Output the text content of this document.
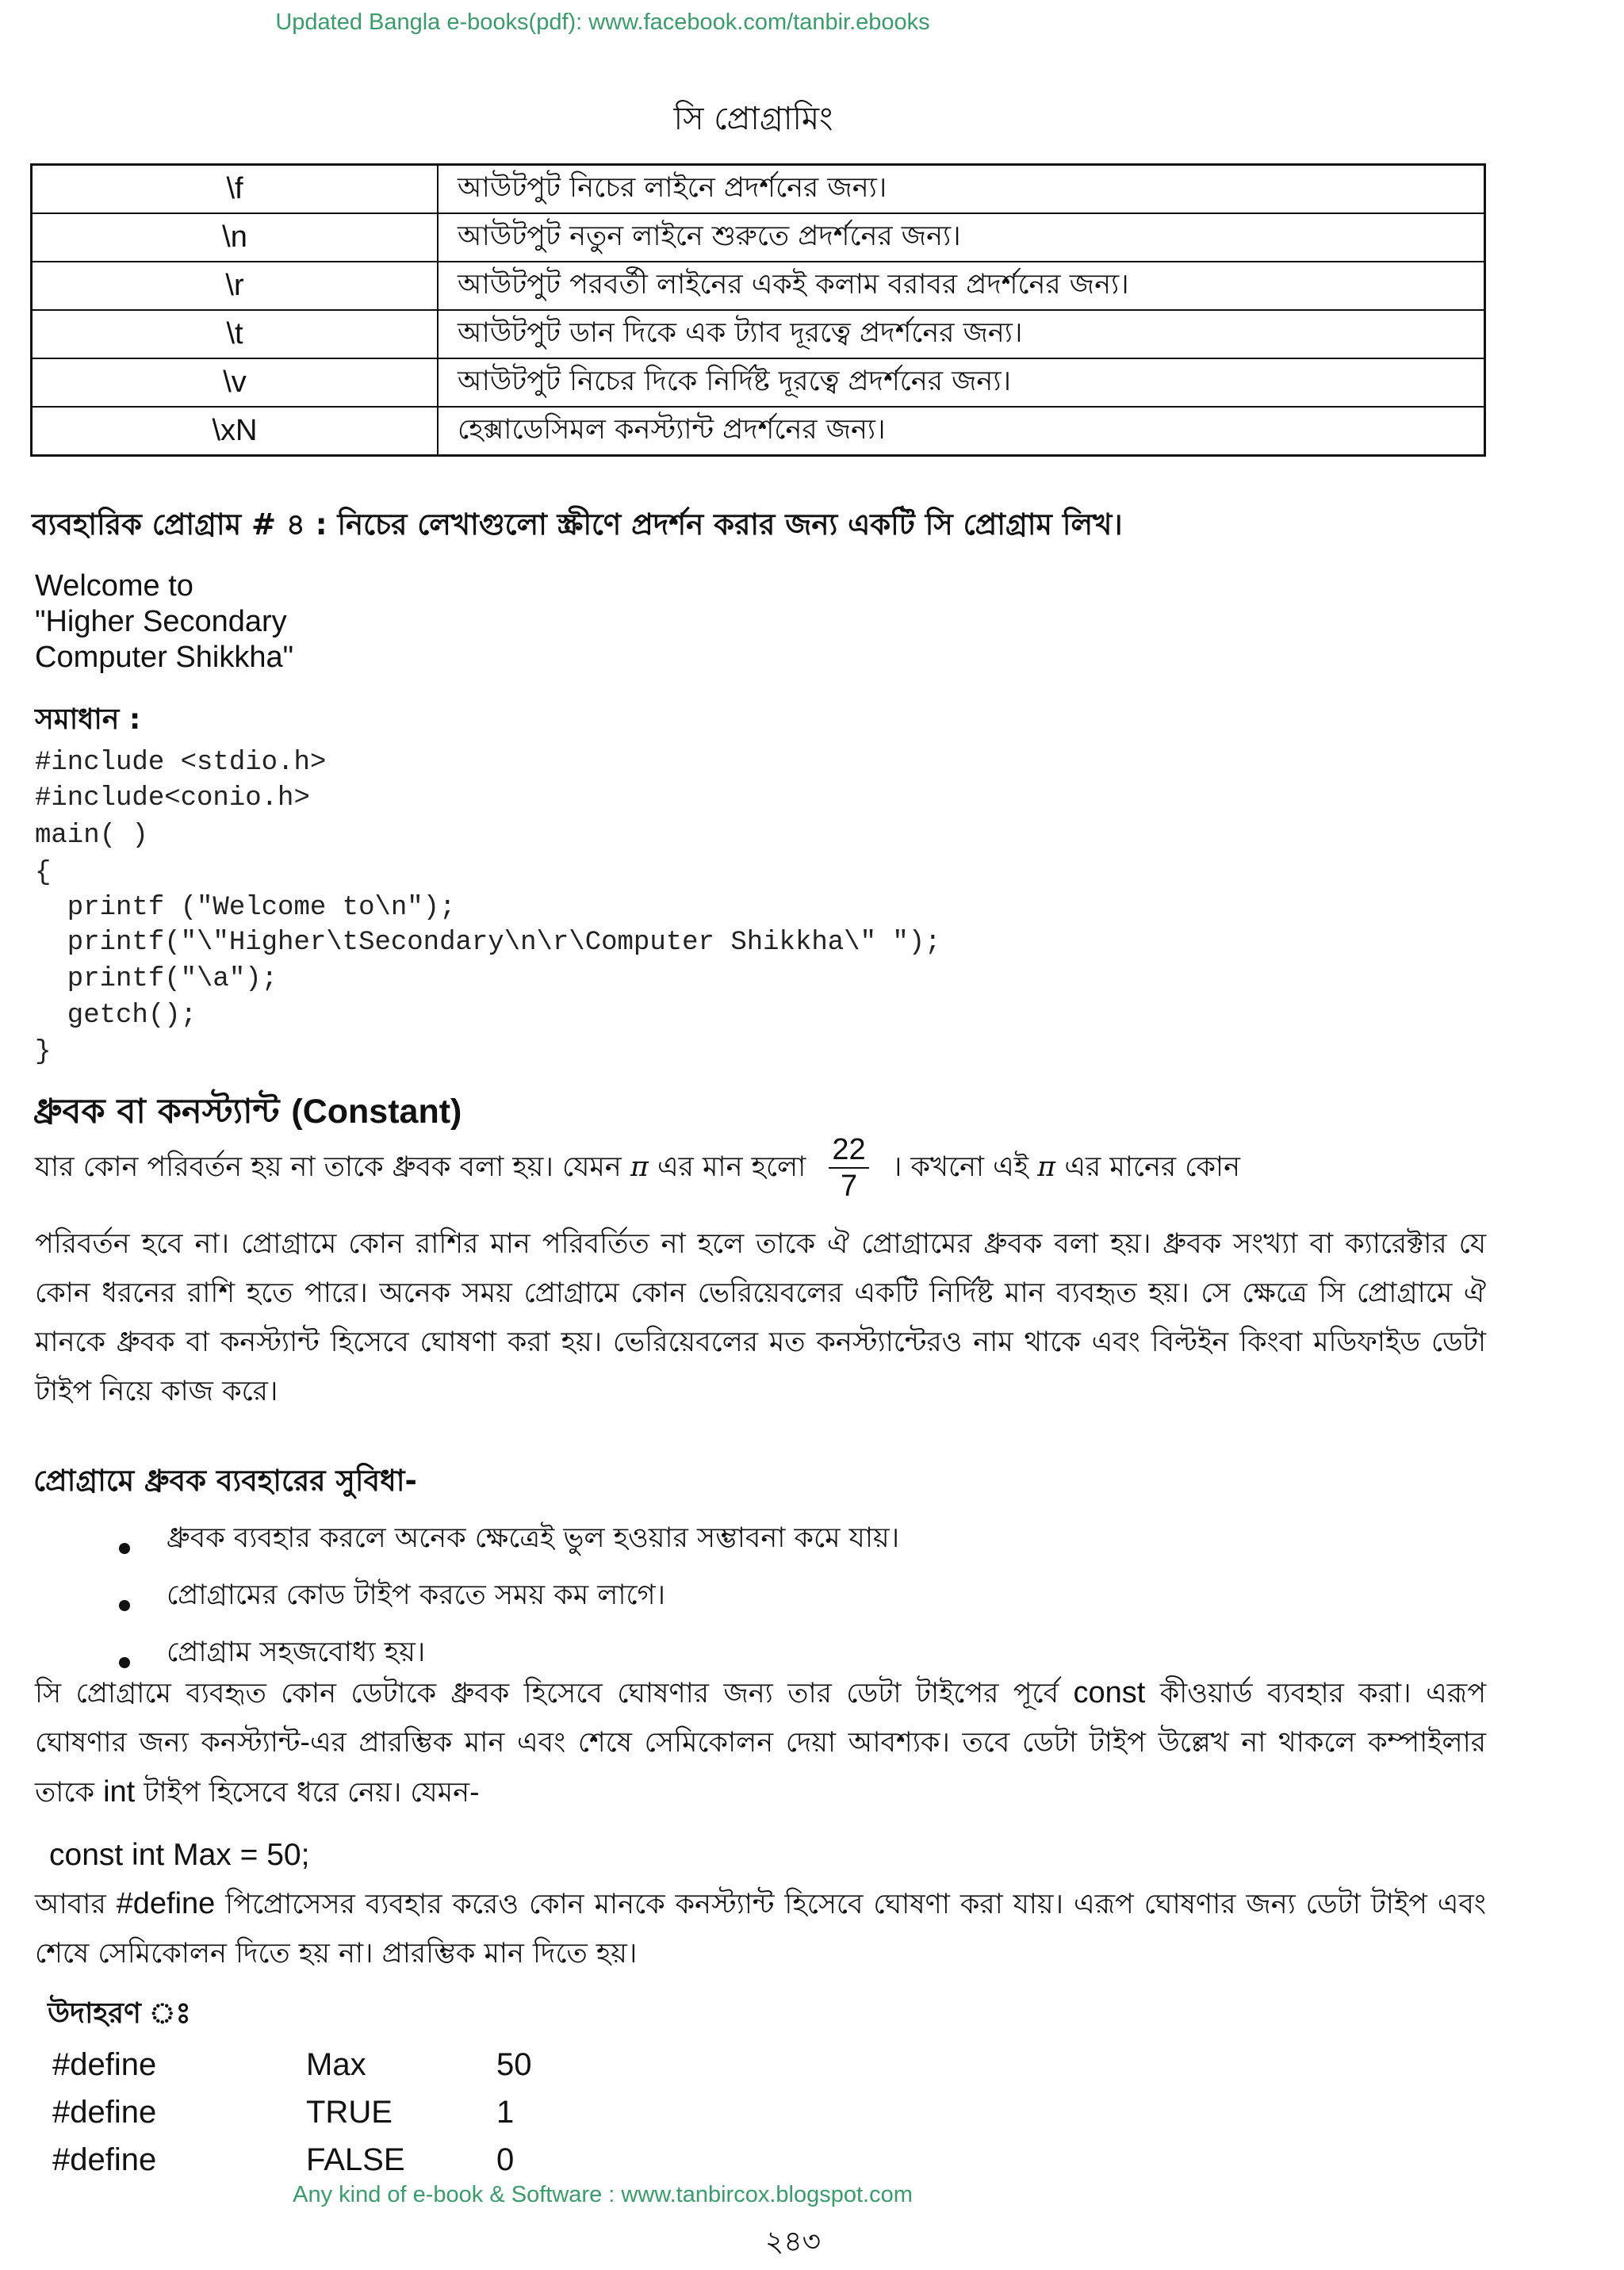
Updated Bangla e-books(pdf): www.facebook.com/tanbir.ebooks
সি প্রোগ্রামিং
\f	আউটপুট নিচের লাইনে প্রদর্শনের জন্য।
\n	আউটপুট নতুন লাইনে শুরুতে প্রদর্শনের জন্য।
\r	আউটপুট পরবর্তী লাইনের একই কলাম বরাবর প্রদর্শনের জন্য।
\t	আউটপুট ডান দিকে এক ট্যাব দূরত্বে প্রদর্শনের জন্য।
\v	আউটপুট নিচের দিকে নির্দিষ্ট দূরত্বে প্রদর্শনের জন্য।
\xN	হেক্সাডেসিমল কনস্ট্যান্ট প্রদর্শনের জন্য।
ব্যবহারিক প্রোগ্রাম # ৪ : নিচের লেখাগুলো স্ক্রীণে প্রদর্শন করার জন্য একটি সি প্রোগ্রাম লিখ।
Welcome to
"Higher Secondary
Computer Shikkha"
সমাধান :
#include <stdio.h>
#include<conio.h>
main( )
{
printf ("Welcome to\n");
printf("\"Higher\tSecondary\n\r\Computer Shikkha\" ");
printf("\a");
getch();
}
ধ্রুবক বা কনস্ট্যান্ট (Constant)
যার কোন পরিবর্তন হয় না তাকে ধ্রুবক বলা হয়। যেমন π এর মান হলো $\frac{22}{7}$ । কখনো এই π এর মানের কোন
পরিবর্তন হবে না। প্রোগ্রামে কোন রাশির মান পরিবর্তিত না হলে তাকে ঐ প্রোগ্রামের ধ্রুবক বলা হয়। ধ্রুবক সংখ্যা বা ক্যারেক্টার যে কোন ধরনের রাশি হতে পারে। অনেক সময় প্রোগ্রামে কোন ভেরিয়েবলের একটি নির্দিষ্ট মান ব্যবহৃত হয়। সে ক্ষেত্রে সি প্রোগ্রামে ঐ মানকে ধ্রুবক বা কনস্ট্যান্ট হিসেবে ঘোষণা করা হয়। ভেরিয়েবলের মত কনস্ট্যান্টেরও নাম থাকে এবং বিল্টইন কিংবা মডিফাইড ডেটা টাইপ নিয়ে কাজ করে।
প্রোগ্রামে ধ্রুবক ব্যবহারের সুবিধা-
ধ্রুবক ব্যবহার করলে অনেক ক্ষেত্রেই ভুল হওয়ার সম্ভাবনা কমে যায়।
প্রোগ্রামের কোড টাইপ করতে সময় কম লাগে।
প্রোগ্রাম সহজবোধ্য হয়।
সি প্রোগ্রামে ব্যবহৃত কোন ডেটাকে ধ্রুবক হিসেবে ঘোষণার জন্য তার ডেটা টাইপের পূর্বে const কীওয়ার্ড ব্যবহার করা। এরূপ ঘোষণার জন্য কনস্ট্যান্ট-এর প্রারম্ভিক মান এবং শেষে সেমিকোলন দেয়া আবশ্যক। তবে ডেটা টাইপ উল্লেখ না থাকলে কম্পাইলার তাকে int টাইপ হিসেবে ধরে নেয়। যেমন-
const int Max = 50;
আবার #define পিপ্রোসেসর ব্যবহার করেও কোন মানকে কনস্ট্যান্ট হিসেবে ঘোষণা করা যায়। এরূপ ঘোষণার জন্য ডেটা টাইপ এবং শেষে সেমিকোলন দিতে হয় না। প্রারম্ভিক মান দিতে হয়।
উদাহরণ ঃ
#define	Max	50
#define	TRUE	1
#define	FALSE	0
Any kind of e-book & Software : www.tanbircox.blogspot.com
২৪৩
